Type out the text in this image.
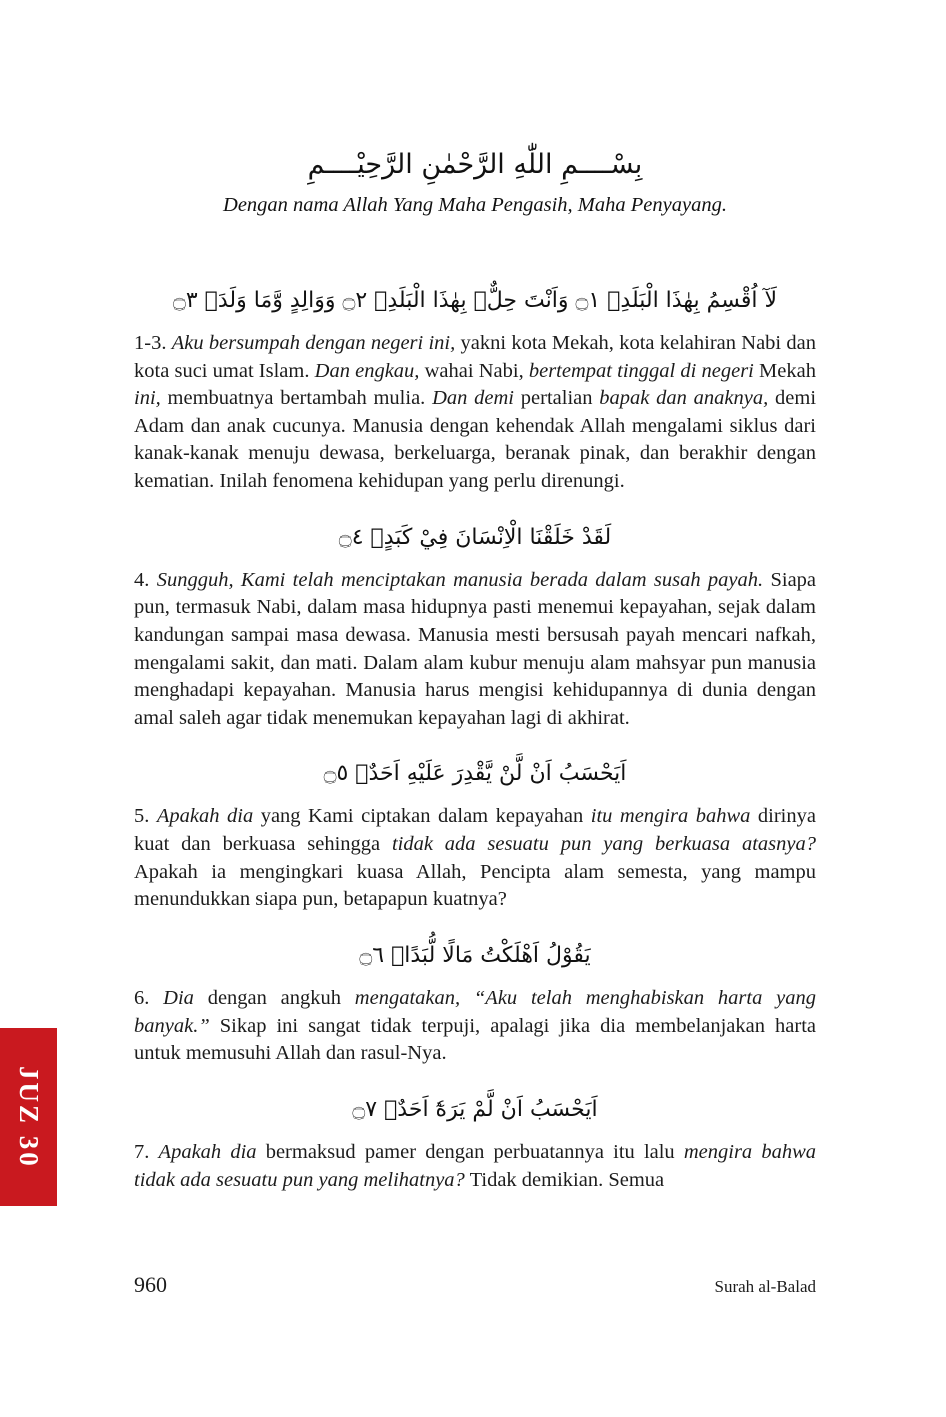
JUZ 30
بِسْــــمِ اللّٰهِ الرَّحْمٰنِ الرَّحِيْــــمِ
Dengan nama Allah Yang Maha Pengasih, Maha Penyayang.
لَآ اُقْسِمُ بِهٰذَا الْبَلَدِۙ ۝١ وَاَنْتَ حِلٌّۢ بِهٰذَا الْبَلَدِۙ ۝٢ وَوَالِدٍ وَّمَا وَلَدَۙ ۝٣

1-3. Aku bersumpah dengan negeri ini, yakni kota Mekah, kota kelahiran Nabi dan kota suci umat Islam. Dan engkau, wahai Nabi, bertempat tinggal di negeri Mekah ini, membuatnya bertambah mulia. Dan demi pertalian bapak dan anaknya, demi Adam dan anak cucunya. Manusia dengan kehendak Allah mengalami siklus dari kanak-kanak menuju dewasa, berkeluarga, beranak pinak, dan berakhir dengan kematian. Inilah fenomena kehidupan yang perlu direnungi.

لَقَدْ خَلَقْنَا الْاِنْسَانَ فِيْ كَبَدٍۗ ۝٤

4. Sungguh, Kami telah menciptakan manusia berada dalam susah payah. Siapa pun, termasuk Nabi, dalam masa hidupnya pasti menemui kepayahan, sejak dalam kandungan sampai masa dewasa. Manusia mesti bersusah payah mencari nafkah, mengalami sakit, dan mati. Dalam alam kubur menuju alam mahsyar pun manusia menghadapi kepayahan. Manusia harus mengisi kehidupannya di dunia dengan amal saleh agar tidak menemukan kepayahan lagi di akhirat.

اَيَحْسَبُ اَنْ لَّنْ يَّقْدِرَ عَلَيْهِ اَحَدٌۘ ۝٥

5. Apakah dia yang Kami ciptakan dalam kepayahan itu mengira bahwa dirinya kuat dan berkuasa sehingga tidak ada sesuatu pun yang berkuasa atasnya? Apakah ia mengingkari kuasa Allah, Pencipta alam semesta, yang mampu menundukkan siapa pun, betapapun kuatnya?

يَقُوْلُ اَهْلَكْتُ مَالًا لُّبَدًاۗ ۝٦

6. Dia dengan angkuh mengatakan, “Aku telah menghabiskan harta yang banyak.” Sikap ini sangat tidak terpuji, apalagi jika dia membelanjakan harta untuk memusuhi Allah dan rasul-Nya.

اَيَحْسَبُ اَنْ لَّمْ يَرَهٗٓ اَحَدٌۗ ۝٧

7. Apakah dia bermaksud pamer dengan perbuatannya itu lalu mengira bahwa tidak ada sesuatu pun yang melihatnya? Tidak demikian. Semua

960	Surah al-Balad
